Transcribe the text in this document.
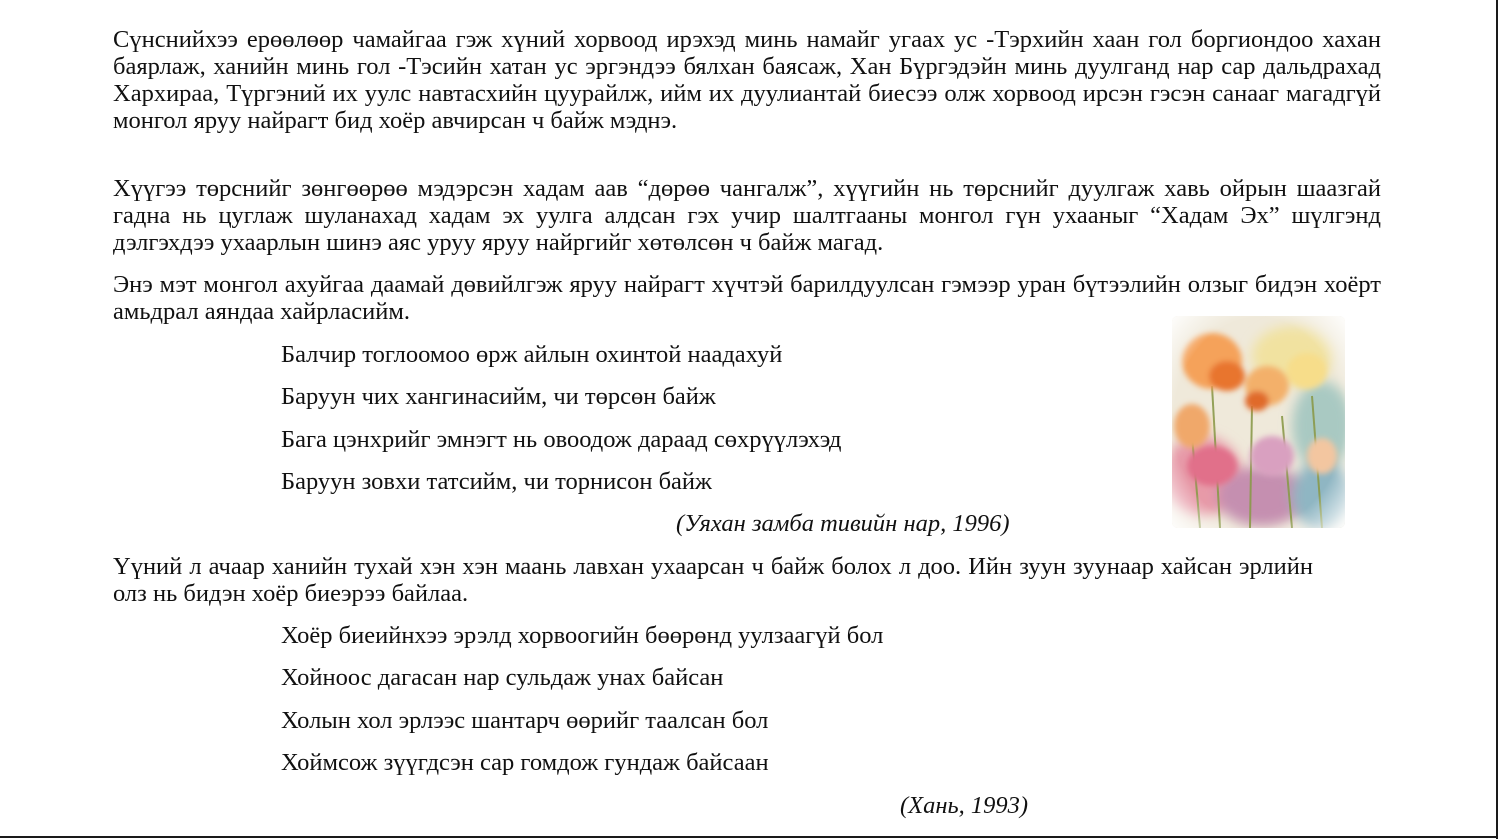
Сүнснийхээ ерөөлөөр чамайгаа гэж хүний хорвоод ирэхэд минь намайг угаах ус -Тэрхийн хаан гол боргиондоо хахан баярлаж, ханийн минь гол -Тэсийн хатан ус эргэндээ бялхан баясаж, Хан Бүргэдэйн минь дуулганд нар сар дальдрахад Хархираа, Түргэний их уулс навтасхийн цуурайлж, ийм их дуулиантай биесээ олж хорвоод ирсэн гэсэн санааг магадгүй монгол яруу найрагт бид хоёр авчирсан ч байж мэднэ.

Хүүгээ төрснийг зөнгөөрөө мэдэрсэн хадам аав “дөрөө чангалж”, хүүгийн нь төрснийг дуулгаж хавь ойрын шаазгай гадна нь цуглаж шуланахад хадам эх уулга алдсан гэх учир шалтгааны монгол гүн ухааныг “Хадам Эх” шүлгэнд дэлгэхдээ ухаарлын шинэ аяс уруу яруу найргийг хөтөлсөн ч байж магад.

Энэ мэт монгол ахуйгаа даамай дөвийлгэж яруу найрагт хүчтэй барилдуулсан гэмээр уран бүтээлийн олзыг бидэн хоёрт амьдрал аяндаа хайрласийм.

Балчир тоглоомоо өрж айлын охинтой наадахуй
Баруун чих хангинасийм, чи төрсөн байж
Бага цэнхрийг эмнэгт нь овоодож дараад сөхрүүлэхэд
Баруун зовхи татсийм, чи торнисон байж
(Уяхан замба тивийн нар, 1996)

Үүний л ачаар ханийн тухай хэн хэн маань лавхан ухаарсан ч байж болох л доо. Ийн зуун зуунаар хайсан эрлийн олз нь бидэн хоёр биеэрээ байлаа.

Хоёр биеийнхээ эрэлд хорвоогийн бөөрөнд уулзаагүй бол
Хойноос дагасан нар сульдаж унах байсан
Холын хол эрлээс шантарч өөрийг таалсан бол
Хоймсож зүүгдсэн сар гомдож гундаж байсаан
(Хань, 1993)
